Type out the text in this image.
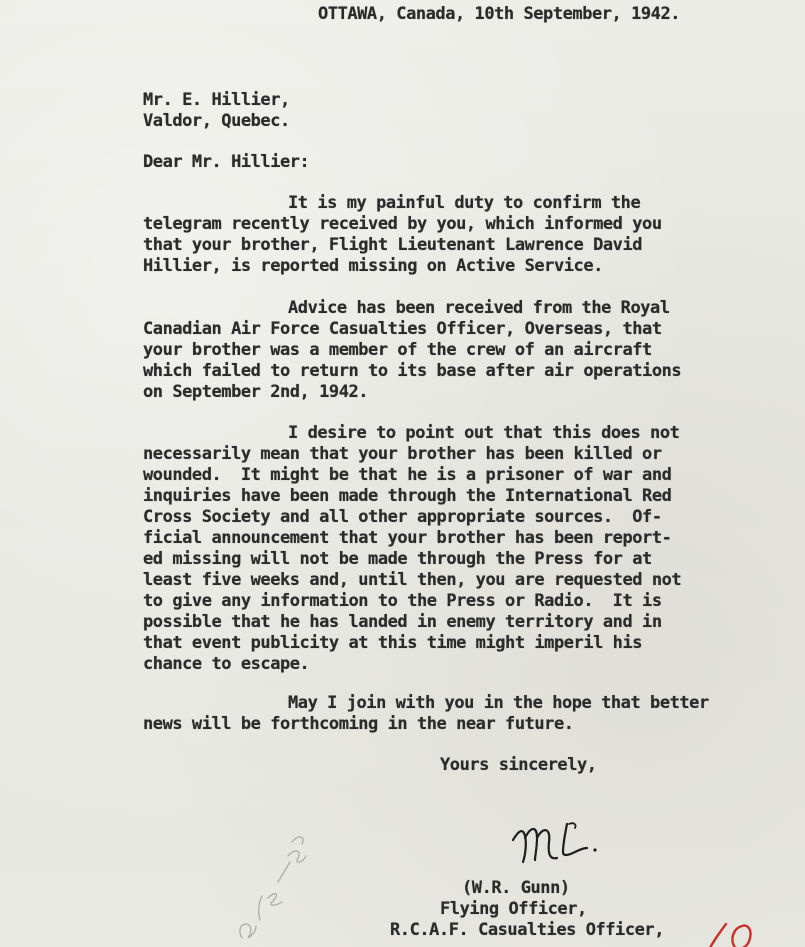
OTTAWA, Canada, 10th September, 1942.
Mr. E. Hillier,
Valdor, Quebec.
Dear Mr. Hillier:
It is my painful duty to confirm the
telegram recently received by you, which informed you
that your brother, Flight Lieutenant Lawrence David
Hillier, is reported missing on Active Service.
Advice has been received from the Royal
Canadian Air Force Casualties Officer, Overseas, that
your brother was a member of the crew of an aircraft
which failed to return to its base after air operations
on September 2nd, 1942.
I desire to point out that this does not
necessarily mean that your brother has been killed or
wounded.  It might be that he is a prisoner of war and
inquiries have been made through the International Red
Cross Society and all other appropriate sources.  Of-
ficial announcement that your brother has been report-
ed missing will not be made through the Press for at
least five weeks and, until then, you are requested not
to give any information to the Press or Radio.  It is
possible that he has landed in enemy territory and in
that event publicity at this time might imperil his
chance to escape.
May I join with you in the hope that better
news will be forthcoming in the near future.
Yours sincerely,
(W.R. Gunn)
Flying Officer,
R.C.A.F. Casualties Officer,
